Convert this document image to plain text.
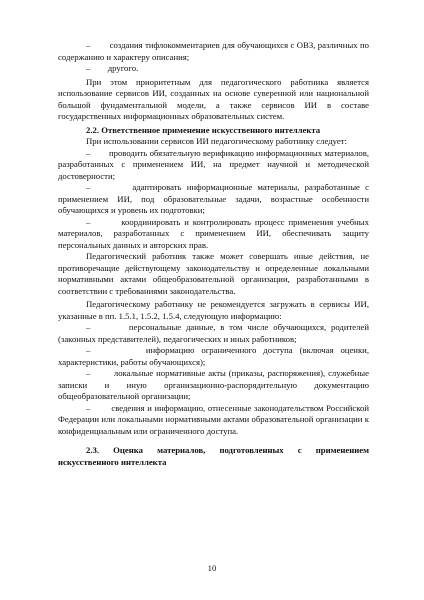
–        создания тифлокомментариев для обучающихся с ОВЗ, различных по содержанию и характеру описания;

–        другого.

При этом приоритетным для педагогического работника является использование сервисов ИИ, созданных на основе суверенной или национальной большой фундаментальной модели, а также сервисов ИИ в составе государственных информационных образовательных систем.

2.2. Ответственное применение искусственного интеллекта

При использовании сервисов ИИ педагогическому работнику следует:

–        проводить обязательную верификацию информационных материалов, разработанных с применением ИИ, на предмет научной и методической достоверности;

–        адаптировать информационные материалы, разработанные с применением ИИ, под образовательные задачи, возрастные особенности обучающихся и уровень их подготовки;

–        координировать и контролировать процесс применения учебных материалов, разработанных с применением ИИ, обеспечивать защиту персональных данных и авторских прав.

Педагогический работник также может совершать иные действия, не противоречащие действующему законодательству и определенные локальными нормативными актами общеобразовательной организации, разработанными в соответствии с требованиями законодательства.

Педагогическому работнику не рекомендуется загружать в сервисы ИИ, указанные в пп. 1.5.1, 1.5.2, 1.5.4, следующую информацию:

–        персональные данные, в том числе обучающихся, родителей (законных представителей), педагогических и иных работников;

–        информацию ограниченного доступа (включая оценки, характеристики, работы обучающихся);

–        локальные нормативные акты (приказы, распоряжения), служебные записки и иную организационно-распорядительную документацию общеобразовательной организации;

–        сведения и информацию, отнесенные законодательством Российской Федерации или локальными нормативными актами образовательной организации к конфиденциальным или ограниченного доступа.

2.3. Оценка материалов, подготовленных с применением искусственного интеллекта

10
